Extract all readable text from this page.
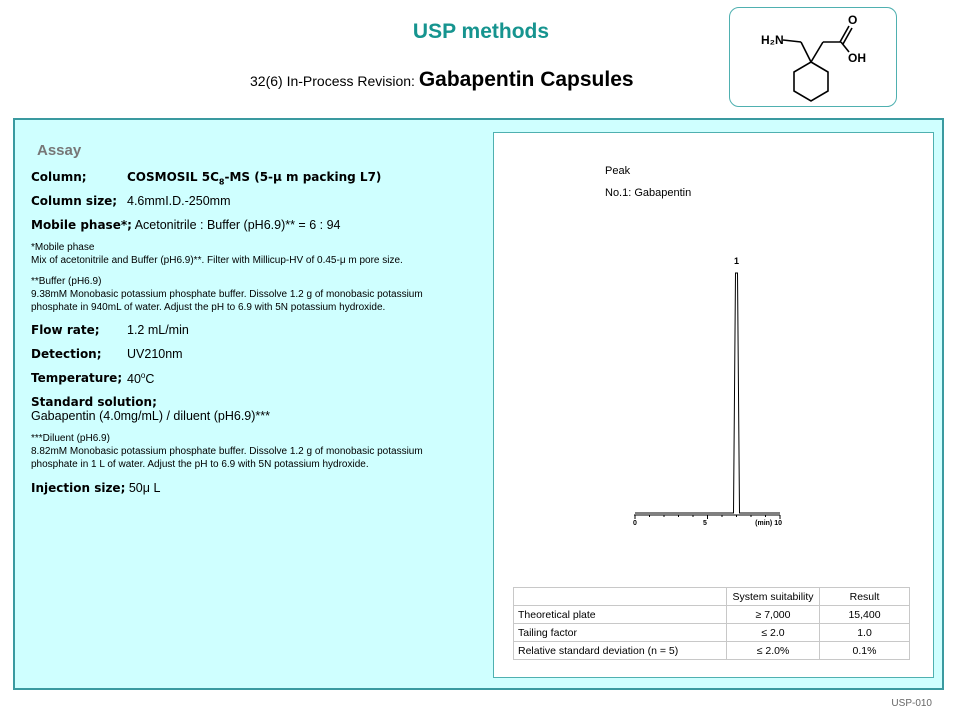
USP methods
32(6) In-Process Revision: Gabapentin Capsules
H₂N
O
OH
Assay
Column;	COSMOSIL $5C_8-MS$ (5-μ m packing L7)
Column size; 4.6mmI.D.-250mm
Mobile phase*; Acetonitrile : Buffer (pH6.9)** = 6 : 94
*Mobile phase
Mix of acetonitrile and Buffer (pH6.9)**. Filter with Millicup-HV of 0.45-μ m pore size.
**Buffer (pH6.9)
9.38mM Monobasic potassium phosphate buffer. Dissolve 1.2 g of monobasic potassium
phosphate in 940mL of water. Adjust the pH to 6.9 with 5N potassium hydroxide.
Flow rate; 1.2 mL/min
Detection; UV210nm
Temperature; 40$^o$C
Standard solution;
Gabapentin (4.0mg/mL) / diluent (pH6.9)***
***Diluent (pH6.9)
8.82mM Monobasic potassium phosphate buffer. Dissolve 1.2 g of monobasic potassium
phosphate in 1 L of water. Adjust the pH to 6.9 with 5N potassium hydroxide.
Injection size; 50μ L
Peak
No.1: Gabapentin
1
0	5	(min) 10
	System suitability	Result
Theoretical plate	≥ 7,000	15,400
Tailing factor	≤ 2.0	1.0
Relative standard deviation (n = 5)	≤ 2.0%	0.1%
USP-010
